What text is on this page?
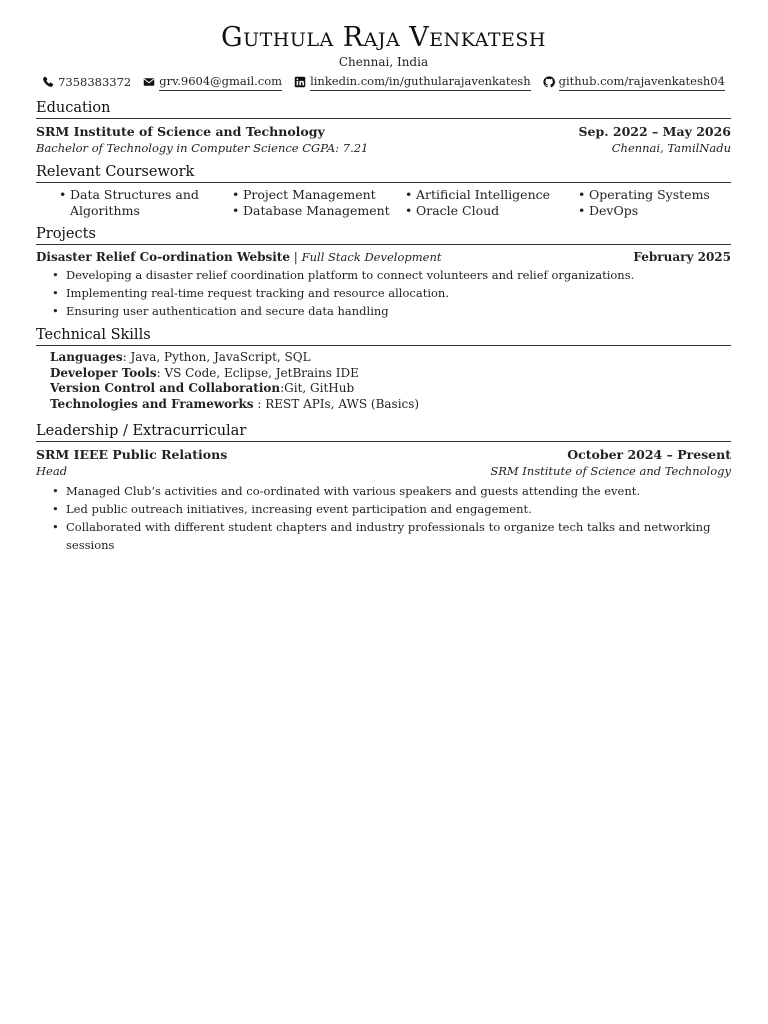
Guthula Raja Venkatesh
Chennai, India
7358383372 grv.9604@gmail.com linkedin.com/in/guthularajavenkatesh github.com/rajavenkatesh04
Education
SRM Institute of Science and Technology	Sep. 2022 – May 2026
Bachelor of Technology in Computer Science CGPA: 7.21	Chennai, TamilNadu
Relevant Coursework
• Data Structures and Algorithms
• Project Management
• Database Management
• Artificial Intelligence
• Oracle Cloud
• Operating Systems
• DevOps
Projects
Disaster Relief Co-ordination Website | Full Stack Development	February 2025
• Developing a disaster relief coordination platform to connect volunteers and relief organizations.
• Implementing real-time request tracking and resource allocation.
• Ensuring user authentication and secure data handling
Technical Skills
Languages: Java, Python, JavaScript, SQL
Developer Tools: VS Code, Eclipse, JetBrains IDE
Version Control and Collaboration:Git, GitHub
Technologies and Frameworks : REST APIs, AWS (Basics)
Leadership / Extracurricular
SRM IEEE Public Relations	October 2024 – Present
Head	SRM Institute of Science and Technology
• Managed Club’s activities and co-ordinated with various speakers and guests attending the event.
• Led public outreach initiatives, increasing event participation and engagement.
• Collaborated with different student chapters and industry professionals to organize tech talks and networking sessions
